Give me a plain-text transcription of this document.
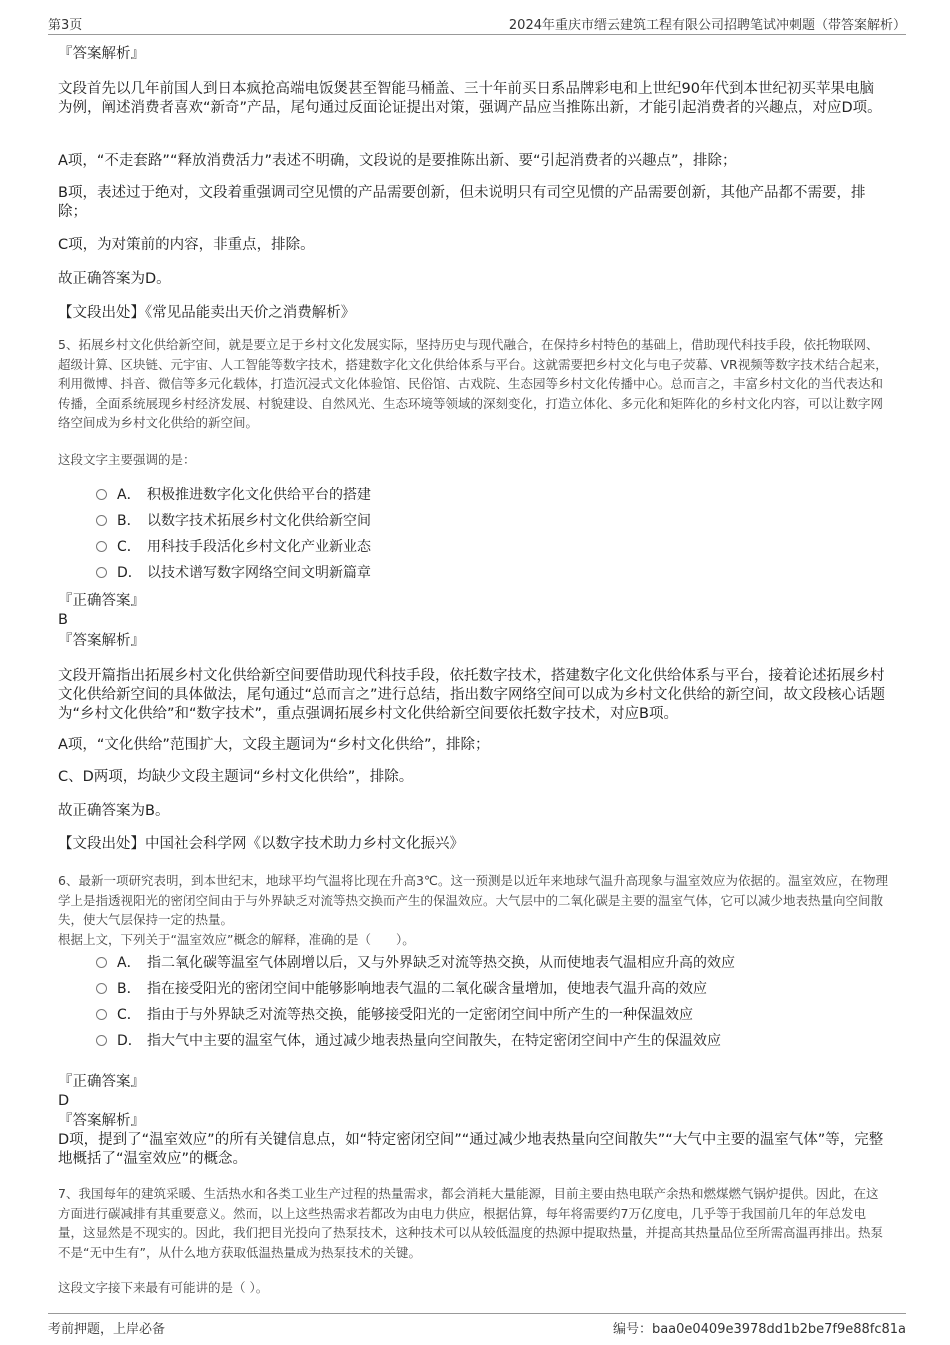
第3页	2024年重庆市缙云建筑工程有限公司招聘笔试冲刺题（带答案解析）

『答案解析』

文段首先以几年前国人到日本疯抢高端电饭煲甚至智能马桶盖、三十年前买日系品牌彩电和上世纪90年代到本世纪初买苹果电脑为例，阐述消费者喜欢“新奇”产品，尾句通过反面论证提出对策，强调产品应当推陈出新，才能引起消费者的兴趣点，对应D项。

A项，“不走套路”“释放消费活力”表述不明确，文段说的是要推陈出新、要“引起消费者的兴趣点”，排除；

B项，表述过于绝对，文段着重强调司空见惯的产品需要创新，但未说明只有司空见惯的产品需要创新，其他产品都不需要，排除；

C项，为对策前的内容，非重点，排除。

故正确答案为D。

【文段出处】《常见品能卖出天价之消费解析》

5、拓展乡村文化供给新空间，就是要立足于乡村文化发展实际，坚持历史与现代融合，在保持乡村特色的基础上，借助现代科技手段，依托物联网、超级计算、区块链、元宇宙、人工智能等数字技术，搭建数字化文化供给体系与平台。这就需要把乡村文化与电子荧幕、VR视频等数字技术结合起来，利用微博、抖音、微信等多元化载体，打造沉浸式文化体验馆、民俗馆、古戏院、生态园等乡村文化传播中心。总而言之，丰富乡村文化的当代表达和传播，全面系统展现乡村经济发展、村貌建设、自然风光、生态环境等领域的深刻变化，打造立体化、多元化和矩阵化的乡村文化内容，可以让数字网络空间成为乡村文化供给的新空间。

这段文字主要强调的是：

A． 积极推进数字化文化供给平台的搭建
B． 以数字技术拓展乡村文化供给新空间
C． 用科技手段活化乡村文化产业新业态
D． 以技术谱写数字网络空间文明新篇章

『正确答案』

B

『答案解析』

文段开篇指出拓展乡村文化供给新空间要借助现代科技手段，依托数字技术，搭建数字化文化供给体系与平台，接着论述拓展乡村文化供给新空间的具体做法，尾句通过“总而言之”进行总结，指出数字网络空间可以成为乡村文化供给的新空间，故文段核心话题为“乡村文化供给”和“数字技术”，重点强调拓展乡村文化供给新空间要依托数字技术，对应B项。

A项，“文化供给”范围扩大，文段主题词为“乡村文化供给”，排除；

C、D两项，均缺少文段主题词“乡村文化供给”，排除。

故正确答案为B。

【文段出处】中国社会科学网《以数字技术助力乡村文化振兴》

6、最新一项研究表明，到本世纪末，地球平均气温将比现在升高3℃。这一预测是以近年来地球气温升高现象与温室效应为依据的。温室效应，在物理学上是指透视阳光的密闭空间由于与外界缺乏对流等热交换而产生的保温效应。大气层中的二氧化碳是主要的温室气体，它可以减少地表热量向空间散失，使大气层保持一定的热量。

根据上文，下列关于“温室效应”概念的解释，准确的是（　　）。

A． 指二氧化碳等温室气体剧增以后，又与外界缺乏对流等热交换，从而使地表气温相应升高的效应
B． 指在接受阳光的密闭空间中能够影响地表气温的二氧化碳含量增加，使地表气温升高的效应
C． 指由于与外界缺乏对流等热交换，能够接受阳光的一定密闭空间中所产生的一种保温效应
D． 指大气中主要的温室气体，通过减少地表热量向空间散失，在特定密闭空间中产生的保温效应

『正确答案』

D

『答案解析』

D项，提到了“温室效应”的所有关键信息点，如“特定密闭空间”“通过减少地表热量向空间散失”“大气中主要的温室气体”等，完整地概括了“温室效应”的概念。

7、我国每年的建筑采暖、生活热水和各类工业生产过程的热量需求，都会消耗大量能源，目前主要由热电联产余热和燃煤燃气锅炉提供。因此，在这方面进行碳减排有其重要意义。然而，以上这些热需求若都改为由电力供应，根据估算，每年将需要约7万亿度电，几乎等于我国前几年的年总发电量，这显然是不现实的。因此，我们把目光投向了热泵技术，这种技术可以从较低温度的热源中提取热量，并提高其热量品位至所需高温再排出。热泵不是“无中生有”，从什么地方获取低温热量成为热泵技术的关键。

这段文字接下来最有可能讲的是（ ）。

考前押题，上岸必备	编号：baa0e0409e3978dd1b2be7f9e88fc81a
